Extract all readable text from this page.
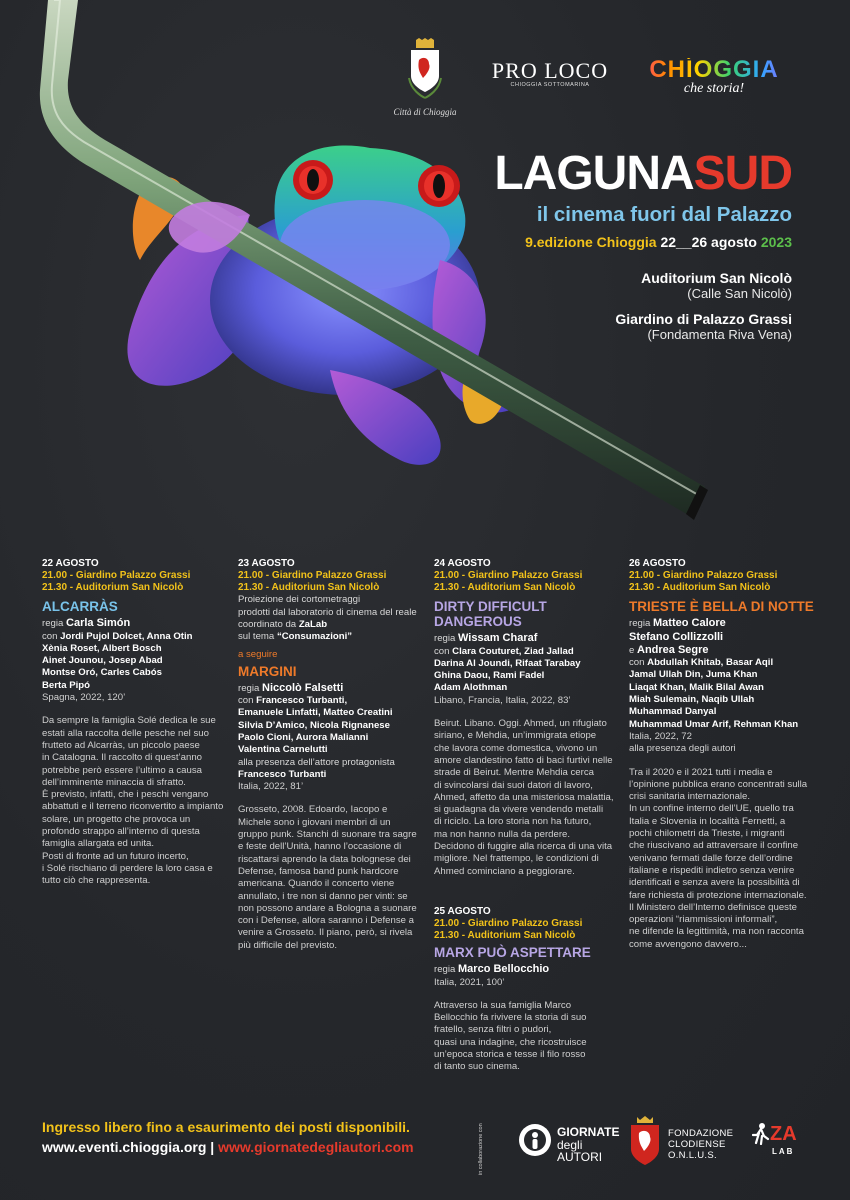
Città di Chioggia
PRO LOCO
CHIOGGIA SOTTOMARINA
CHÍOGGIA
che storia!
LAGUNASUD
il cinema fuori dal Palazzo
9.edizione Chioggia 22__26 agosto 2023
Auditorium San Nicolò
(Calle San Nicolò)
Giardino di Palazzo Grassi
(Fondamenta Riva Vena)
22 AGOSTO
21.00 - Giardino Palazzo Grassi
21.30 - Auditorium San Nicolò
ALCARRÀS
regia Carla Simón
con Jordi Pujol Dolcet, Anna Otin
Xènia Roset, Albert Bosch
Ainet Jounou, Josep Abad
Montse Oró, Carles Cabós
Berta Pipó
Spagna, 2022, 120’
Da sempre la famiglia Solé dedica le sue
estati alla raccolta delle pesche nel suo
frutteto ad Alcarràs, un piccolo paese
in Catalogna. Il raccolto di quest’anno
potrebbe però essere l’ultimo a causa
dell’imminente minaccia di sfratto.
È previsto, infatti, che i peschi vengano
abbattuti e il terreno riconvertito a impianto
solare, un progetto che provoca un
profondo strappo all’interno di questa
famiglia allargata ed unita.
Posti di fronte ad un futuro incerto,
i Solé rischiano di perdere la loro casa e
tutto ciò che rappresenta.
23 AGOSTO
21.00 - Giardino Palazzo Grassi
21.30 - Auditorium San Nicolò
Proiezione dei cortometraggi
prodotti dal laboratorio di cinema del reale
coordinato da ZaLab
sul tema “Consumazioni”
a seguire
MARGINI
regia Niccolò Falsetti
con Francesco Turbanti,
Emanuele Linfatti, Matteo Creatini
Silvia D’Amico, Nicola Rignanese
Paolo Cioni, Aurora Malianni
Valentina Carnelutti
alla presenza dell’attore protagonista
Francesco Turbanti
Italia, 2022, 81’
Grosseto, 2008. Edoardo, Iacopo e
Michele sono i giovani membri di un
gruppo punk. Stanchi di suonare tra sagre
e feste dell’Unità, hanno l’occasione di
riscattarsi aprendo la data bolognese dei
Defense, famosa band punk hardcore
americana. Quando il concerto viene
annullato, i tre non si danno per vinti: se
non possono andare a Bologna a suonare
con i Defense, allora saranno i Defense a
venire a Grosseto. Il piano, però, si rivela
più difficile del previsto.
24 AGOSTO
21.00 - Giardino Palazzo Grassi
21.30 - Auditorium San Nicolò
DIRTY DIFFICULT
DANGEROUS
regia Wissam Charaf
con Clara Couturet, Ziad Jallad
Darina Al Joundi, Rifaat Tarabay
Ghina Daou, Rami Fadel
Adam Alothman
Libano, Francia, Italia, 2022, 83’
Beirut. Libano. Oggi. Ahmed, un rifugiato
siriano, e Mehdia, un’immigrata etiope
che lavora come domestica, vivono un
amore clandestino fatto di baci furtivi nelle
strade di Beirut. Mentre Mehdia cerca
di svincolarsi dai suoi datori di lavoro,
Ahmed, affetto da una misteriosa malattia,
si guadagna da vivere vendendo metalli
di riciclo. La loro storia non ha futuro,
ma non hanno nulla da perdere.
Decidono di fuggire alla ricerca di una vita
migliore. Nel frattempo, le condizioni di
Ahmed cominciano a peggiorare.
25 AGOSTO
21.00 - Giardino Palazzo Grassi
21.30 - Auditorium San Nicolò
MARX PUÒ ASPETTARE
regia Marco Bellocchio
Italia, 2021, 100’
Attraverso la sua famiglia Marco
Bellocchio fa rivivere la storia di suo
fratello, senza filtri o pudori,
quasi una indagine, che ricostruisce
un’epoca storica e tesse il filo rosso
di tanto suo cinema.
26 AGOSTO
21.00 - Giardino Palazzo Grassi
21.30 - Auditorium San Nicolò
TRIESTE È BELLA DI NOTTE
regia Matteo Calore
Stefano Collizzolli
e Andrea Segre
con Abdullah Khitab, Basar Aqil
Jamal Ullah Din, Juma Khan
Liaqat Khan, Malik Bilal Awan
Miah Sulemain, Naqib Ullah
Muhammad Danyal
Muhammad Umar Arif, Rehman Khan
Italia, 2022, 72
alla presenza degli autori
Tra il 2020 e il 2021 tutti i media e
l’opinione pubblica erano concentrati sulla
crisi sanitaria internazionale.
In un confine interno dell’UE, quello tra
Italia e Slovenia in località Fernetti, a
pochi chilometri da Trieste, i migranti
che riuscivano ad attraversare il confine
venivano fermati dalle forze dell’ordine
italiane e rispediti indietro senza venire
identificati e senza avere la possibilità di
fare richiesta di protezione internazionale.
Il Ministero dell’Interno definisce queste
operazioni “riammissioni informali”,
ne difende la legittimità, ma non racconta
come avvengono davvero...
Ingresso libero fino a esaurimento dei posti disponibili.
www.eventi.chioggia.org | www.giornatedegliautori.com	in collaborazione con	GIORNATE
degli AUTORI
FONDAZIONE
CLODIENSE
O.N.L.U.S.
ZA
LAB
